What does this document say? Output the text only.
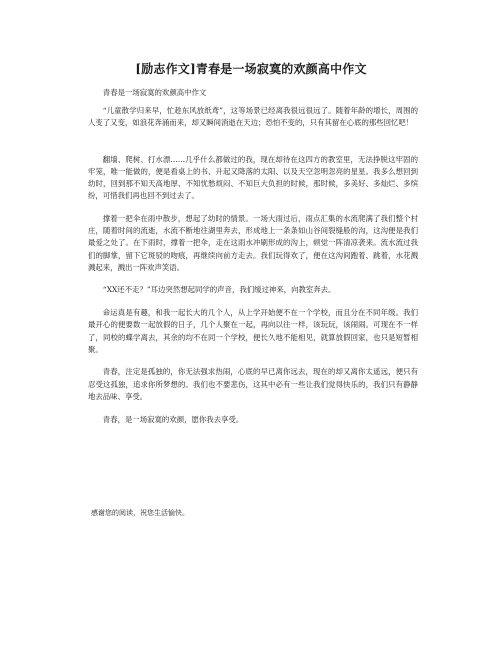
[励志作文]青春是一场寂寞的欢颜高中作文

青春是一场寂寞的欢颜高中作文

“儿童散学归来早，忙趁东风放纸鸢”，这等场景已经离我很远很远了。随着年龄的增长，周围的人变了又变，如浪花奔涌而来，却又瞬间消逝在天边；恐怕不变的，只有其留在心底的那些回忆吧！

翻墙、爬树、打水漂……几乎什么都做过的我，现在却待在这四方的教室里，无法挣脱这牢固的牢笼，唯一能做的，便是看桌上的书、升起又降落的太阳、以及天空忽明忽亮的星星。我多么想回到幼时，回到那不知天高地厚、不知忧愁烦闷、不知巨大负担的时候，那时候，多美好、多灿烂、多缤纷，可惜我们再也回不到过去了。

撑着一把伞在雨中散步，想起了幼时的情景。一场大雨过后，雨点汇集的水流爬满了我们整个村庄，随着时间的流逝，水流不断地往湖里奔去，形成地上一条条如山谷间裂缝般的沟，这沟便是我们最爱之处了。在下雨时，撑着一把伞，走在这雨水冲刷形成的沟上，顿觉一阵清凉袭来。流水流过我们的脚掌，留下它斑驳的吻痕，再继续向前方走去。我们玩得欢了，便在这沟间跑着、跳着，水花溅溅起来，溅出一阵欢声笑语。

“XX还不走？”耳边突然想起同学的声音，我们缓过神来，向教室奔去。

命运真是有趣，和我一起长大的几个人，从上学开始便不在一个学校，而且分在不同年级。我们最开心的便要数一起放假的日子，几个人聚在一起，再向以往一样，该玩玩，该闹闹。可现在不一样了，同校的蝶学离去，其余的均不在同一个学校，便长久地不能相见，就算放假回家，也只是短暂相聚。

青春，注定是孤独的，你无法强求热闹，心底的早已离你远去，现在的却又离你太遥远，便只有忍受这孤独，追求你所梦想的。我们也不要悲伤，这其中必有一些让我们觉得快乐的，我们只有静静地去品味、享受。

青春，是一场寂寞的欢颜，愿你我去享受。

感谢您的阅读，祝您生活愉快。
